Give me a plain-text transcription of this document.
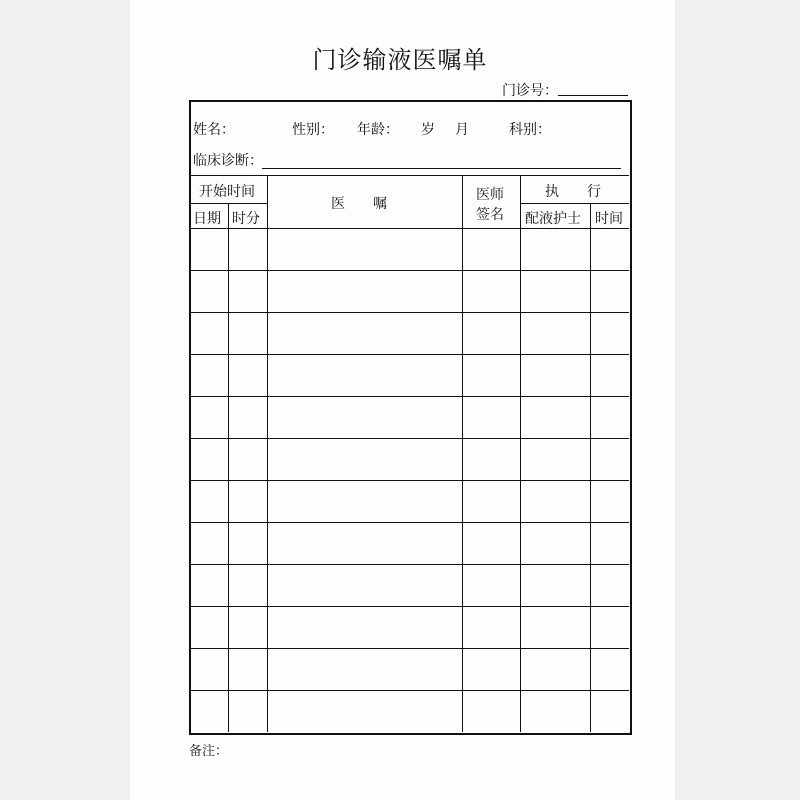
门诊输液医嘱单
门诊号：
姓名：	性别： 年龄： 岁 月	科别：
临床诊断：
开始时间
日期 时分
医　　嘱
医师
签名
执　　行
配液护士 时间
备注：
